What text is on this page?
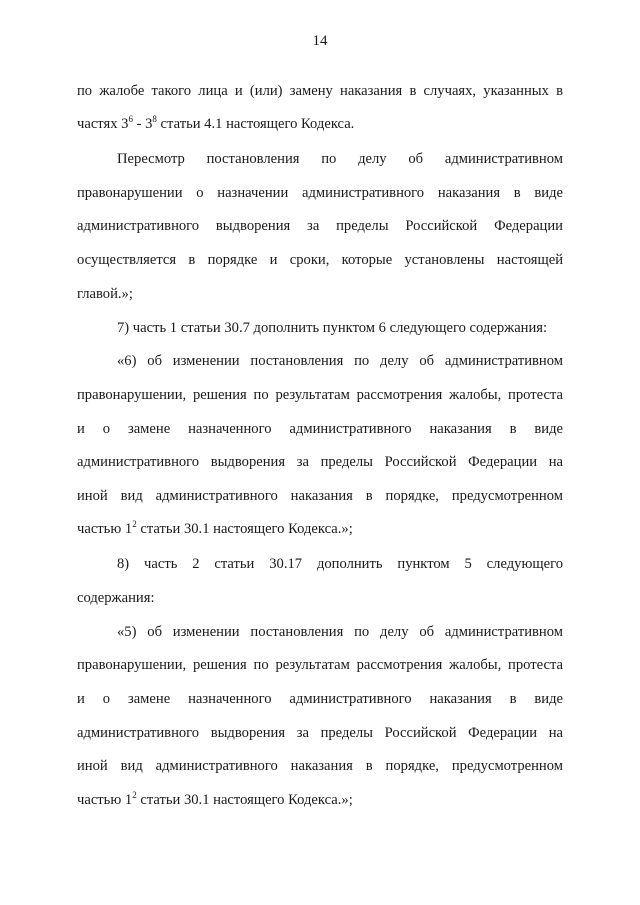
14
по жалобе такого лица и (или) замену наказания в случаях, указанных в
частях $3^6 - 3^8$ статьи 4.1 настоящего Кодекса.
Пересмотр постановления по делу об административном
правонарушении о назначении административного наказания в виде
административного выдворения за пределы Российской Федерации
осуществляется в порядке и сроки, которые установлены настоящей
главой.»;
7) часть 1 статьи 30.7 дополнить пунктом 6 следующего содержания:
«6) об изменении постановления по делу об административном
правонарушении, решения по результатам рассмотрения жалобы, протеста
и о замене назначенного административного наказания в виде
административного выдворения за пределы Российской Федерации на
иной вид административного наказания в порядке, предусмотренном
частью $1^2$ статьи 30.1 настоящего Кодекса.»;
8) часть 2 статьи 30.17 дополнить пунктом 5 следующего
содержания:
«5) об изменении постановления по делу об административном
правонарушении, решения по результатам рассмотрения жалобы, протеста
и о замене назначенного административного наказания в виде
административного выдворения за пределы Российской Федерации на
иной вид административного наказания в порядке, предусмотренном
частью $1^2$ статьи 30.1 настоящего Кодекса.»;
